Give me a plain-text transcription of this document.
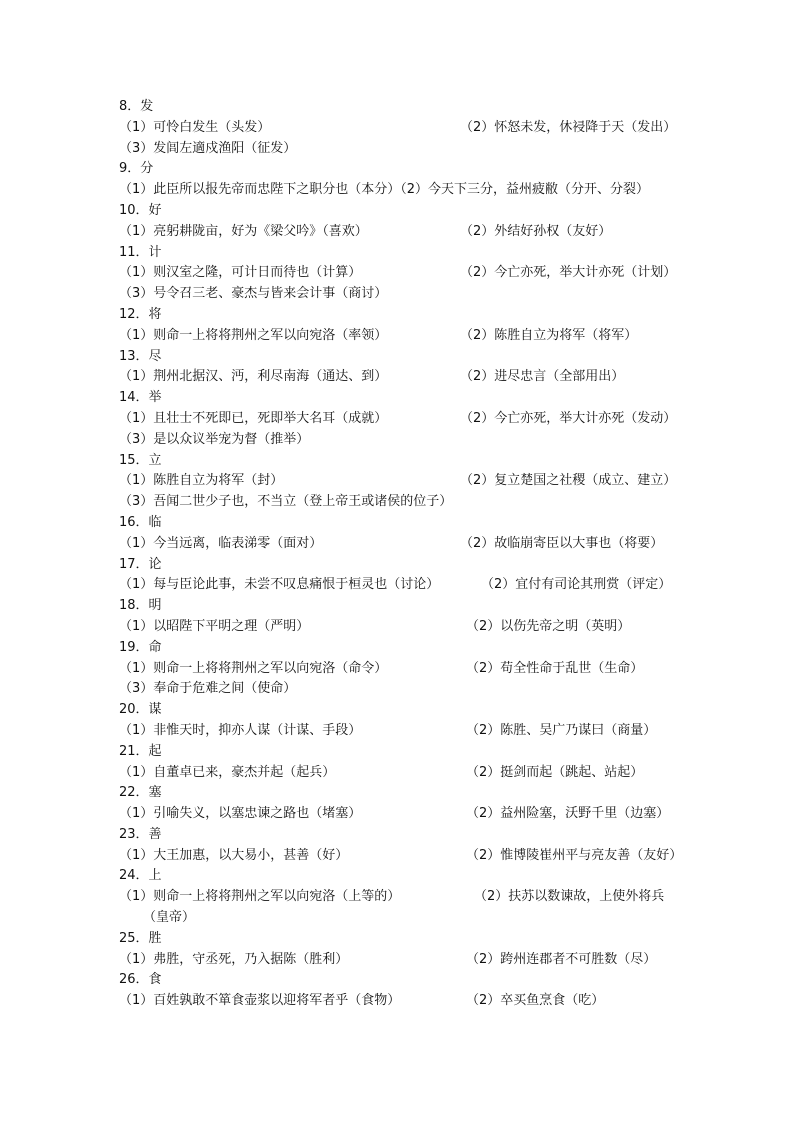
8．发
（1）可怜白发生（头发）	（2）怀怒未发，休祲降于天（发出）
（3）发闾左適戍渔阳（征发）
9．分
（1）此臣所以报先帝而忠陛下之职分也（本分）（2）今天下三分，益州疲敝（分开、分裂）
10．好
（1）亮躬耕陇亩，好为《梁父吟》（喜欢）	（2）外结好孙权（友好）
11．计
（1）则汉室之隆，可计日而待也（计算）	（2）今亡亦死，举大计亦死（计划）
（3）号令召三老、豪杰与皆来会计事（商讨）
12．将
（1）则命一上将将荆州之军以向宛洛（率领）	（2）陈胜自立为将军（将军）
13．尽
（1）荆州北据汉、沔，利尽南海（通达、到）	（2）进尽忠言（全部用出）
14．举
（1）且壮士不死即已，死即举大名耳（成就）	（2）今亡亦死，举大计亦死（发动）
（3）是以众议举宠为督（推举）
15．立
（1）陈胜自立为将军（封）	（2）复立楚国之社稷（成立、建立）
（3）吾闻二世少子也，不当立（登上帝王或诸侯的位子）
16．临
（1）今当远离，临表涕零（面对）	（2）故临崩寄臣以大事也（将要）
17．论
（1）每与臣论此事，未尝不叹息痛恨于桓灵也（讨论）	（2）宜付有司论其刑赏（评定）
18．明
（1）以昭陛下平明之理（严明）	（2）以伤先帝之明（英明）
19．命
（1）则命一上将将荆州之军以向宛洛（命令）	（2）苟全性命于乱世（生命）
（3）奉命于危难之间（使命）
20．谋
（1）非惟天时，抑亦人谋（计谋、手段）	（2）陈胜、吴广乃谋曰（商量）
21．起
（1）自董卓已来，豪杰并起（起兵）	（2）挺剑而起（跳起、站起）
22．塞
（1）引喻失义，以塞忠谏之路也（堵塞）	（2）益州险塞，沃野千里（边塞）
23．善
（1）大王加惠，以大易小，甚善（好）	（2）惟博陵崔州平与亮友善（友好）
24．上
（1）则命一上将将荆州之军以向宛洛（上等的）	（2）扶苏以数谏故，上使外将兵
（皇帝）
25．胜
（1）弗胜，守丞死，乃入据陈（胜利）	（2）跨州连郡者不可胜数（尽）
26．食
（1）百姓孰敢不箪食壶浆以迎将军者乎（食物）	（2）卒买鱼烹食（吃）
